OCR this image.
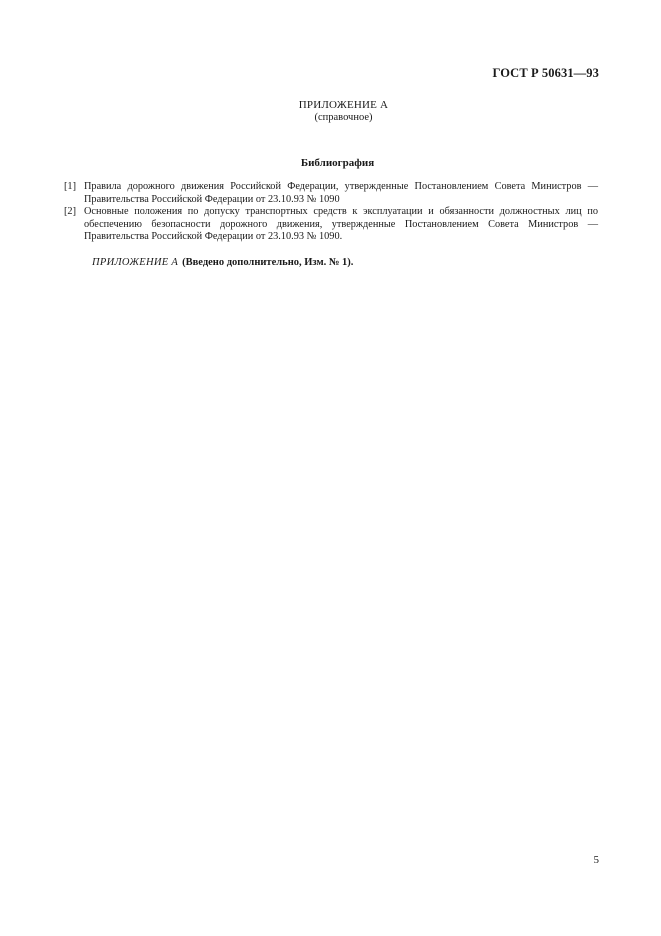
ГОСТ Р 50631—93
ПРИЛОЖЕНИЕ А
(справочное)
Библиография
[1] Правила дорожного движения Российской Федерации, утвержденные Постановлением Совета Министров — Правительства Российской Федерации от 23.10.93 № 1090
[2] Основные положения по допуску транспортных средств к эксплуатации и обязанности должностных лиц по обеспечению безопасности дорожного движения, утвержденные Постановлением Совета Министров — Правительства Российской Федерации от 23.10.93 № 1090.
ПРИЛОЖЕНИЕ А (Введено дополнительно, Изм. № 1).
5
